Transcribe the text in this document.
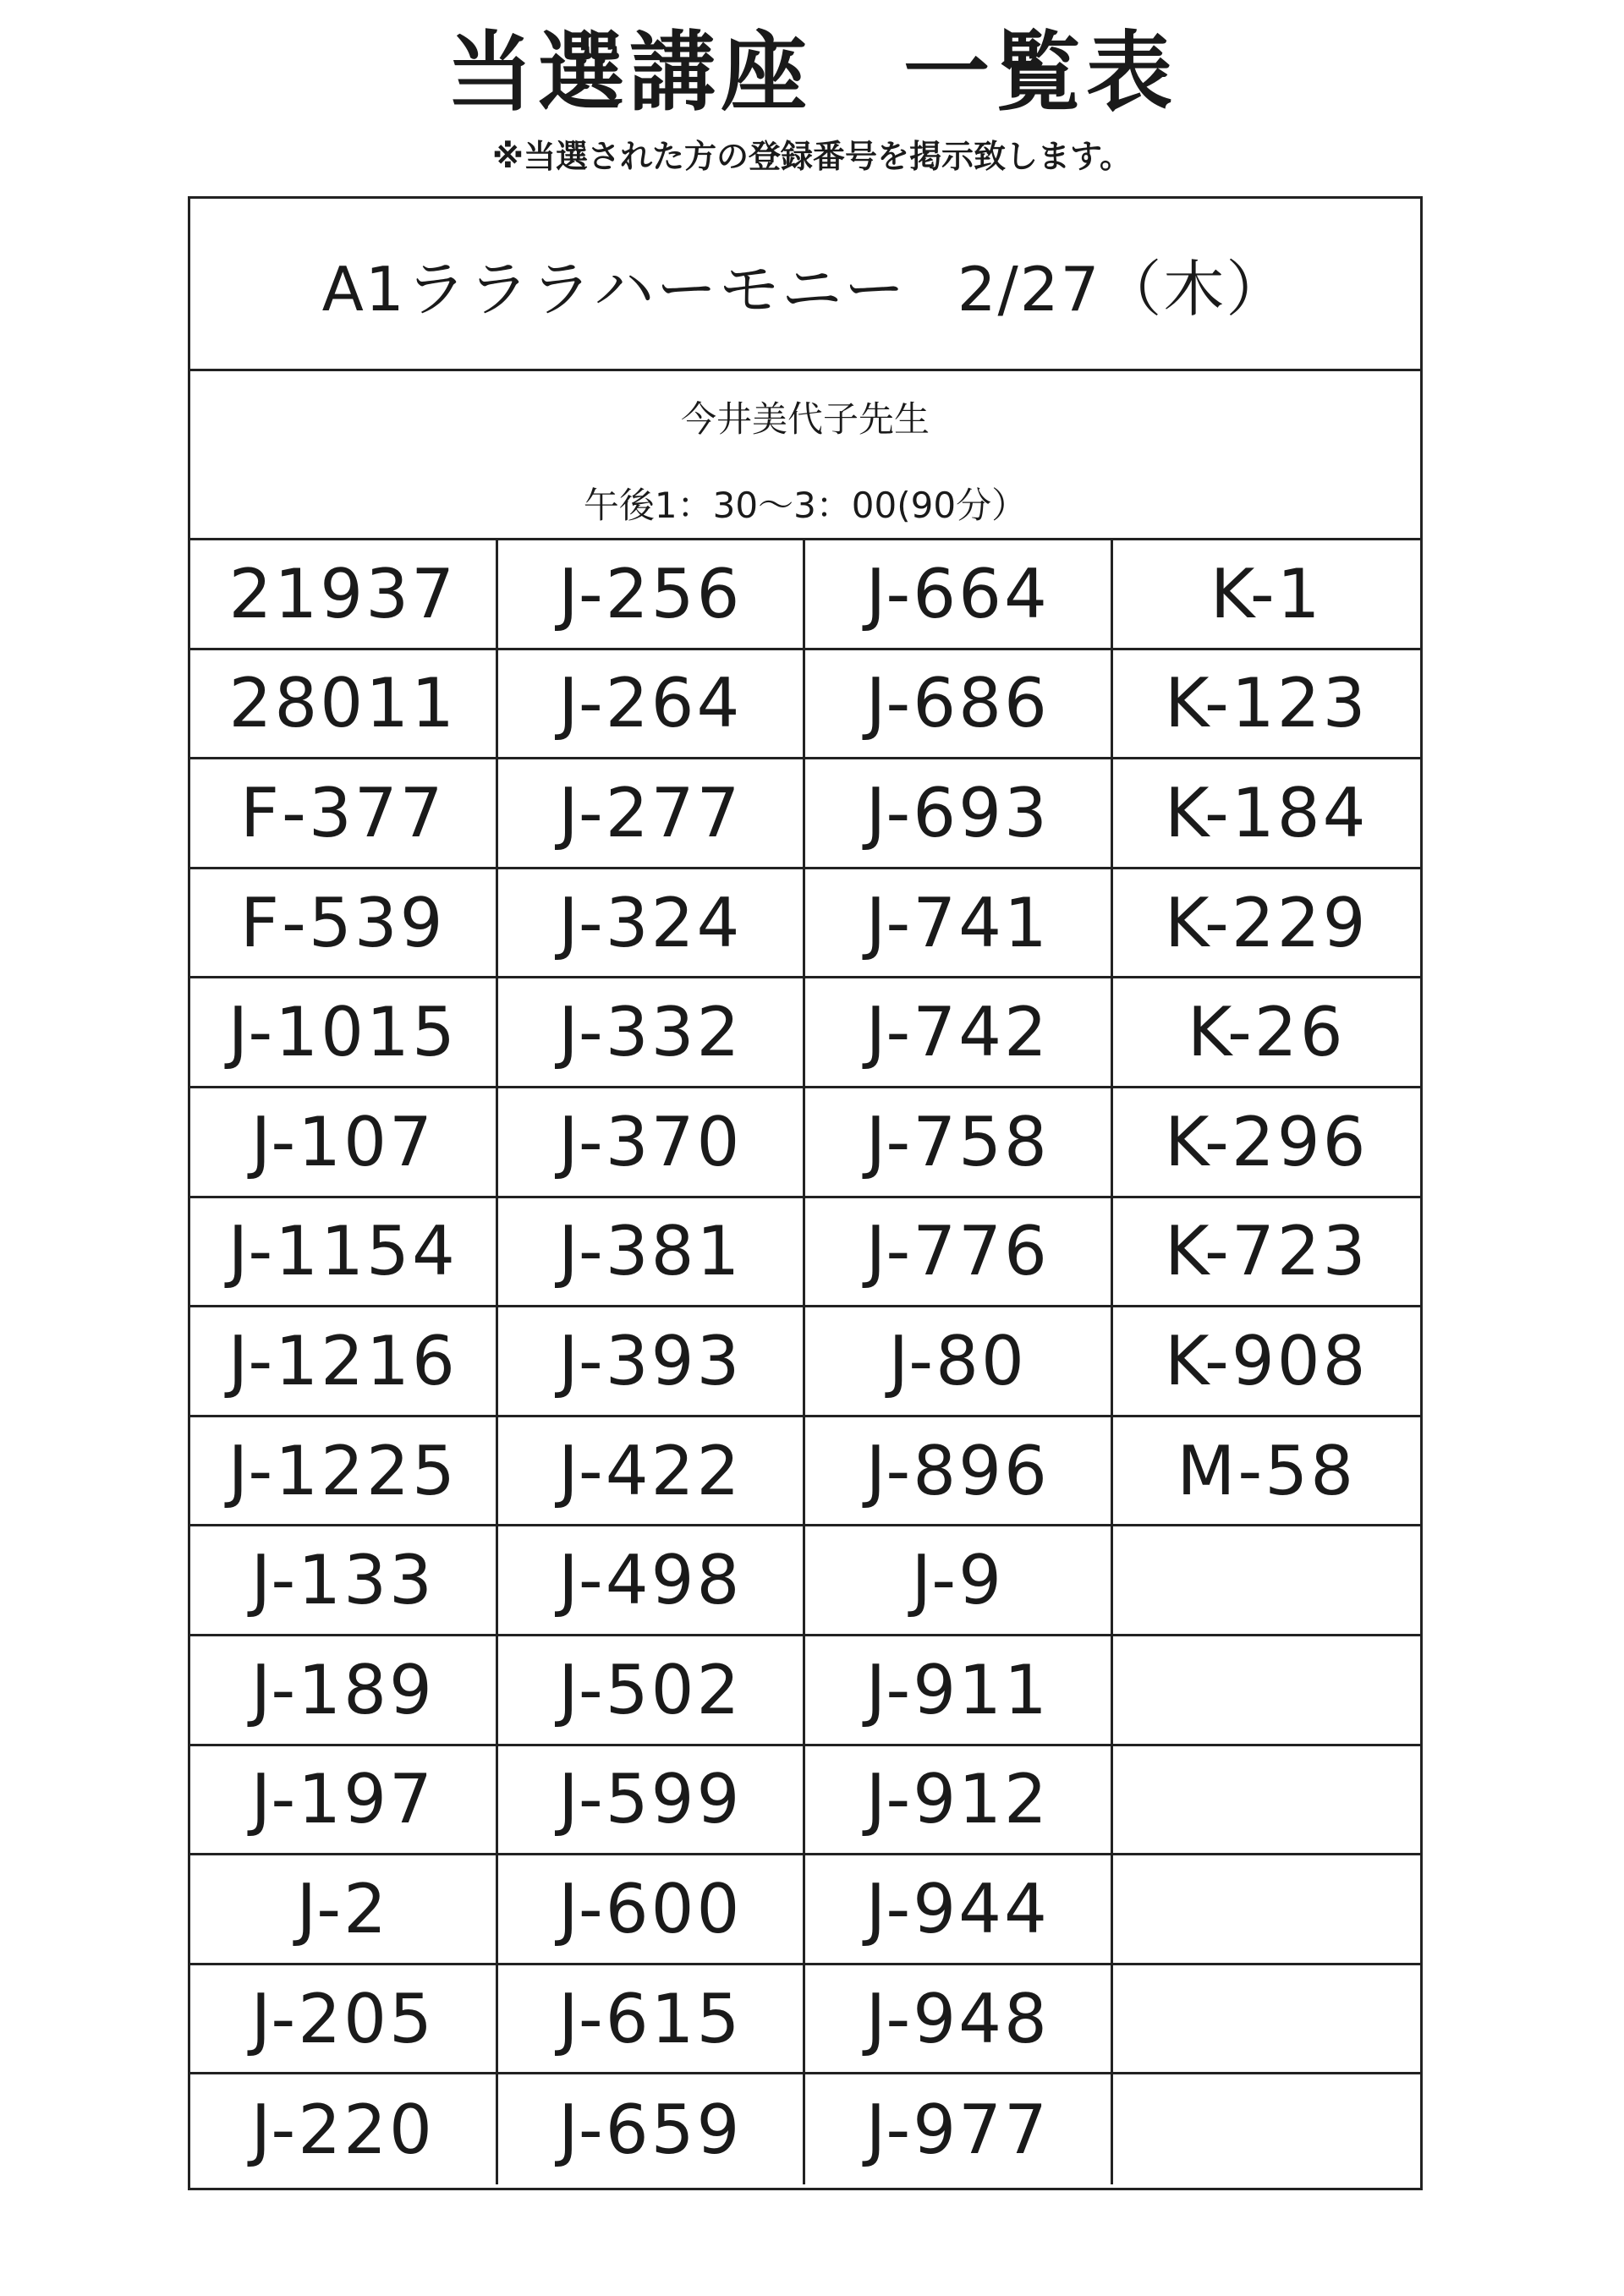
当選講座　一覧表
※当選された方の登録番号を掲示致します。
A1ラララハーモニー 2/27（木）
今井美代子先生
午後1：30～3：00(90分）
21937	J-256	J-664	K-1
28011	J-264	J-686	K-123
F-377	J-277	J-693	K-184
F-539	J-324	J-741	K-229
J-1015	J-332	J-742	K-26
J-107	J-370	J-758	K-296
J-1154	J-381	J-776	K-723
J-1216	J-393	J-80	K-908
J-1225	J-422	J-896	M-58
J-133	J-498	J-9
J-189	J-502	J-911
J-197	J-599	J-912
J-2	J-600	J-944
J-205	J-615	J-948
J-220	J-659	J-977
